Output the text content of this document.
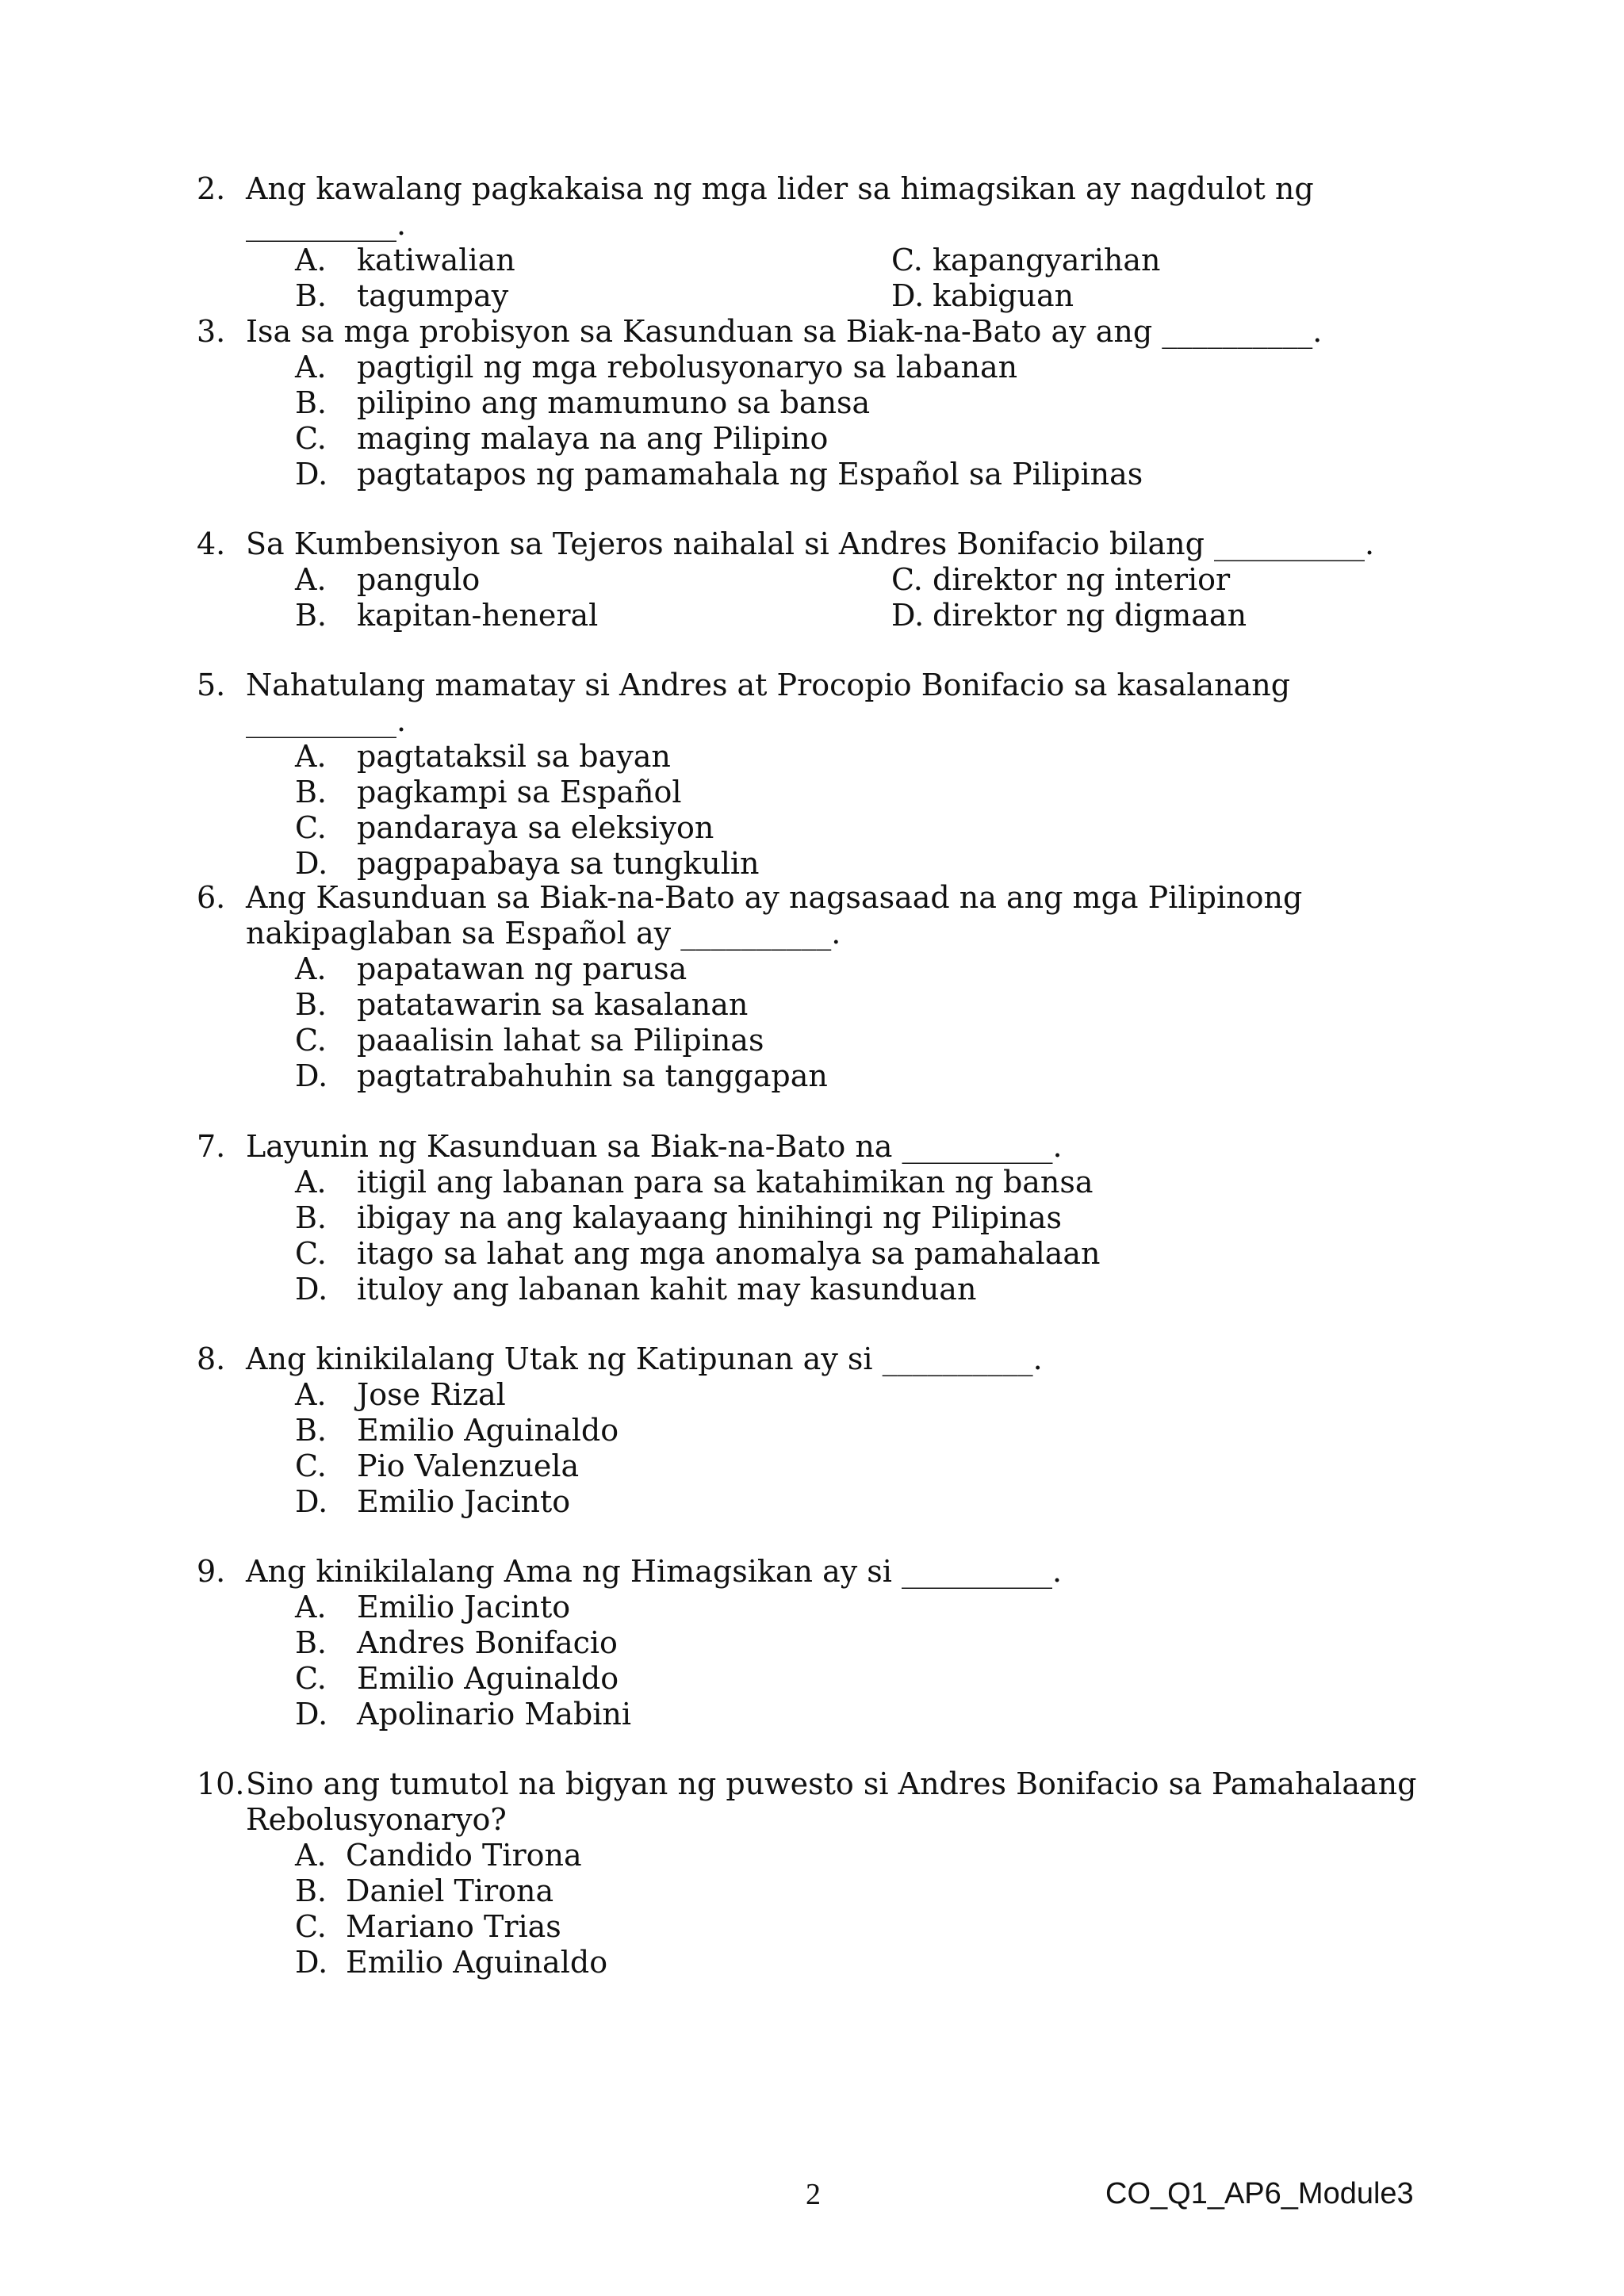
2. Ang kawalang pagkakaisa ng mga lider sa himagsikan ay nagdulot ng __________.
A.	katiwalian	C. kapangyarihan
B. tagumpay	D. kabiguan
3. Isa sa mga probisyon sa Kasunduan sa Biak-na-Bato ay ang __________.
A.	pagtigil ng mga rebolusyonaryo sa labanan
B. pilipino ang mamumuno sa bansa
C.	maging malaya na ang Pilipino
D. pagtatapos ng pamamahala ng Español sa Pilipinas
4. Sa Kumbensiyon sa Tejeros naihalal si Andres Bonifacio bilang __________.
A.	pangulo	C. direktor ng interior
B. kapitan-heneral	D. direktor ng digmaan
5. Nahatulang mamatay si Andres at Procopio Bonifacio sa kasalanang __________.
A.	pagtataksil sa bayan
B. pagkampi sa Español
C.	pandaraya sa eleksiyon
D. pagpapabaya sa tungkulin
6. Ang Kasunduan sa Biak-na-Bato ay nagsasaad na ang mga Pilipinong
nakipaglaban sa Español ay __________.
A.	papatawan ng parusa
B. patatawarin sa kasalanan
C.	paaalisin lahat sa Pilipinas
D. pagtatrabahuhin sa tanggapan
7. Layunin ng Kasunduan sa Biak-na-Bato na __________.
A.	itigil ang labanan para sa katahimikan ng bansa
B. ibigay na ang kalayaang hinihingi ng Pilipinas
C.	itago sa lahat ang mga anomalya sa pamahalaan
D. ituloy ang labanan kahit may kasunduan
8. Ang kinikilalang Utak ng Katipunan ay si __________.
A.	Jose Rizal
B. Emilio Aguinaldo
C.	Pio Valenzuela
D. Emilio Jacinto
9. Ang kinikilalang Ama ng Himagsikan ay si __________.
A.	Emilio Jacinto
B. Andres Bonifacio
C.	Emilio Aguinaldo
D. Apolinario Mabini
10. Sino ang tumutol na bigyan ng puwesto si Andres Bonifacio sa Pamahalaang
Rebolusyonaryo?
A. Candido Tirona
B. Daniel Tirona
C. Mariano Trias
D. Emilio Aguinaldo
2	CO_Q1_AP6_Module3
